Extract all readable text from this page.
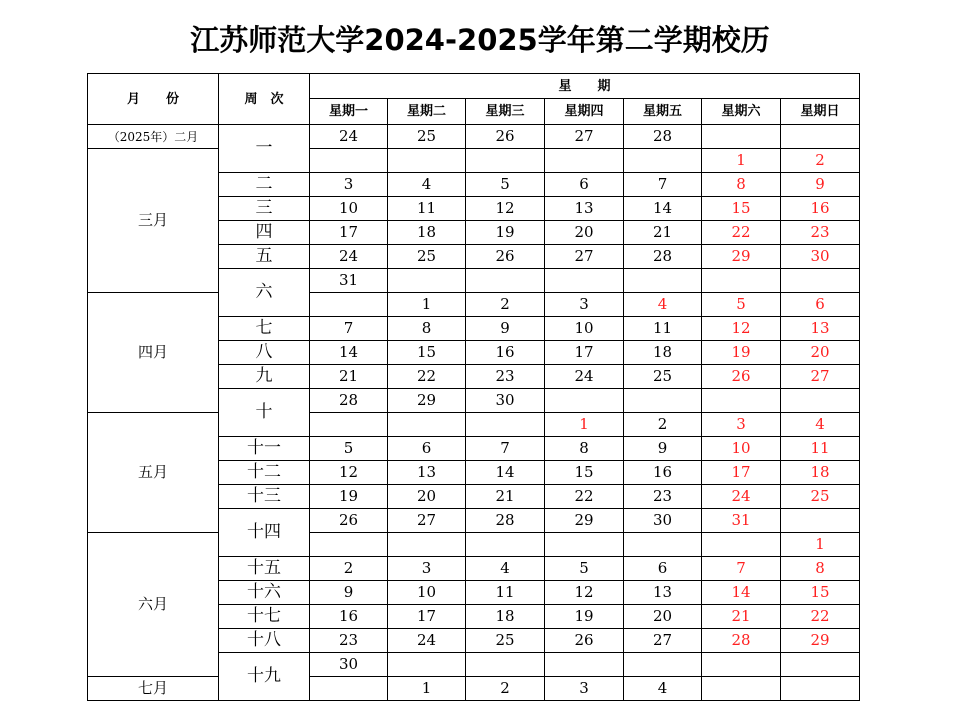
江苏师范大学2024-2025学年第二学期校历
月　　份	周　次	星　　期						
		星期一	星期二	星期三	星期四	星期五	星期六	星期日
（2025年）二月	一	24	25	26	27	28		
三月							1	2
	二	3	4	5	6	7	8	9
	三	10	11	12	13	14	15	16
	四	17	18	19	20	21	22	23
	五	24	25	26	27	28	29	30
	六	31						
四月			1	2	3	4	5	6
	七	7	8	9	10	11	12	13
	八	14	15	16	17	18	19	20
	九	21	22	23	24	25	26	27
	十	28	29	30				
五月					1	2	3	4
	十一	5	6	7	8	9	10	11
	十二	12	13	14	15	16	17	18
	十三	19	20	21	22	23	24	25
	十四	26	27	28	29	30	31	
六月								1
	十五	2	3	4	5	6	7	8
	十六	9	10	11	12	13	14	15
	十七	16	17	18	19	20	21	22
	十八	23	24	25	26	27	28	29
	十九	30						
七月			1	2	3	4		
